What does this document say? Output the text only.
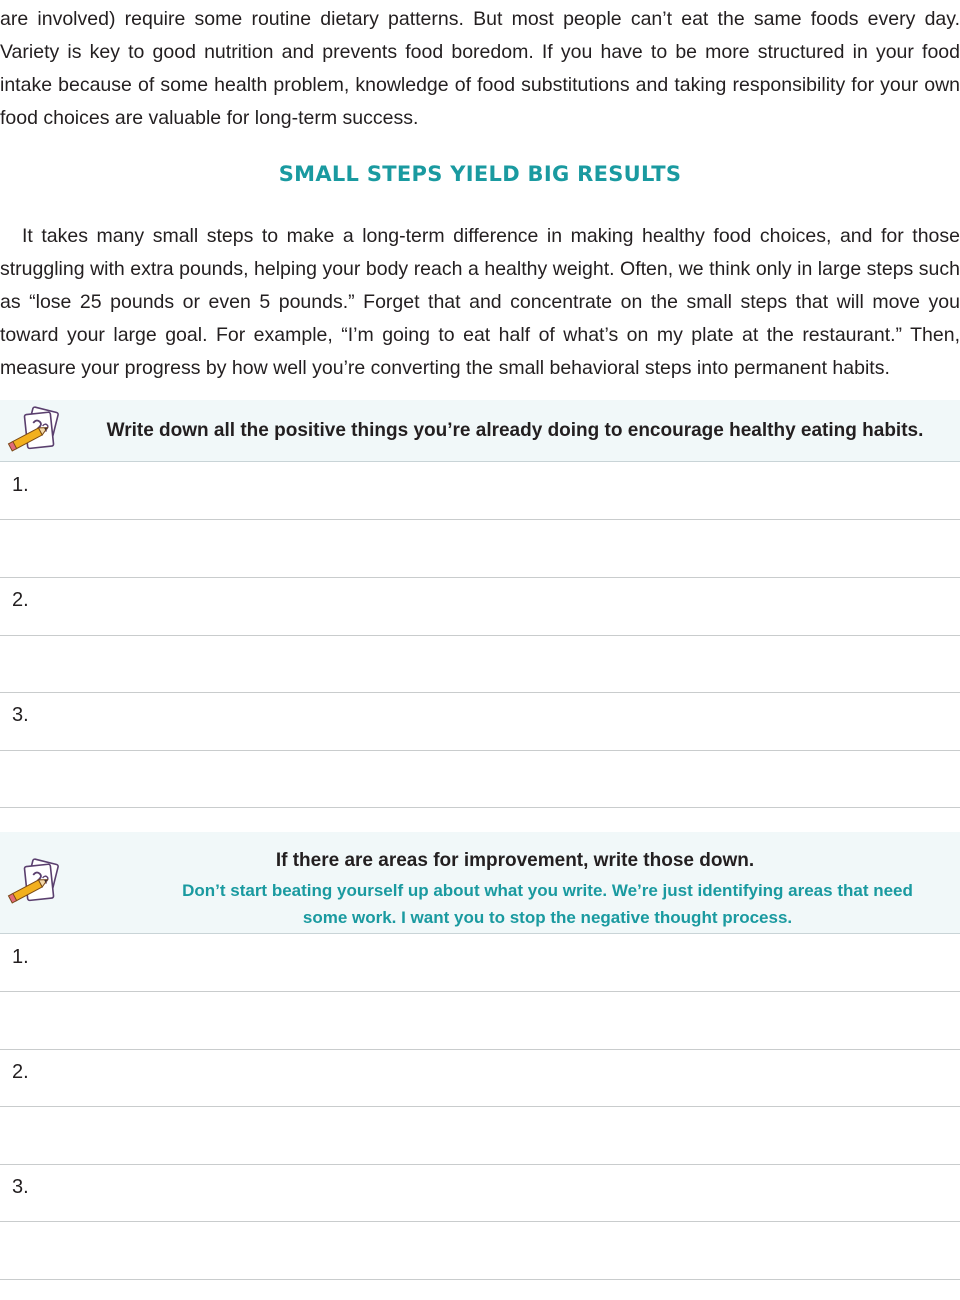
are involved) require some routine dietary patterns. But most people can’t eat the same foods every day. Variety is key to good nutrition and prevents food boredom. If you have to be more structured in your food intake because of some health problem, knowledge of food substitutions and taking responsibility for your own food choices are valuable for long-term success.

SMALL STEPS YIELD BIG RESULTS

It takes many small steps to make a long-term difference in making healthy food choices, and for those struggling with extra pounds, helping your body reach a healthy weight. Often, we think only in large steps such as “lose 25 pounds or even 5 pounds.” Forget that and concentrate on the small steps that will move you toward your large goal. For example, “I’m going to eat half of what’s on my plate at the restaurant.” Then, measure your progress by how well you’re converting the small behavioral steps into permanent habits.

Write down all the positive things you’re already doing to encourage healthy eating habits.

1.
2.
3.

If there are areas for improvement, write those down.

Don’t start beating yourself up about what you write. We’re just identifying areas that need some work. I want you to stop the negative thought process.

1.
2.
3.
